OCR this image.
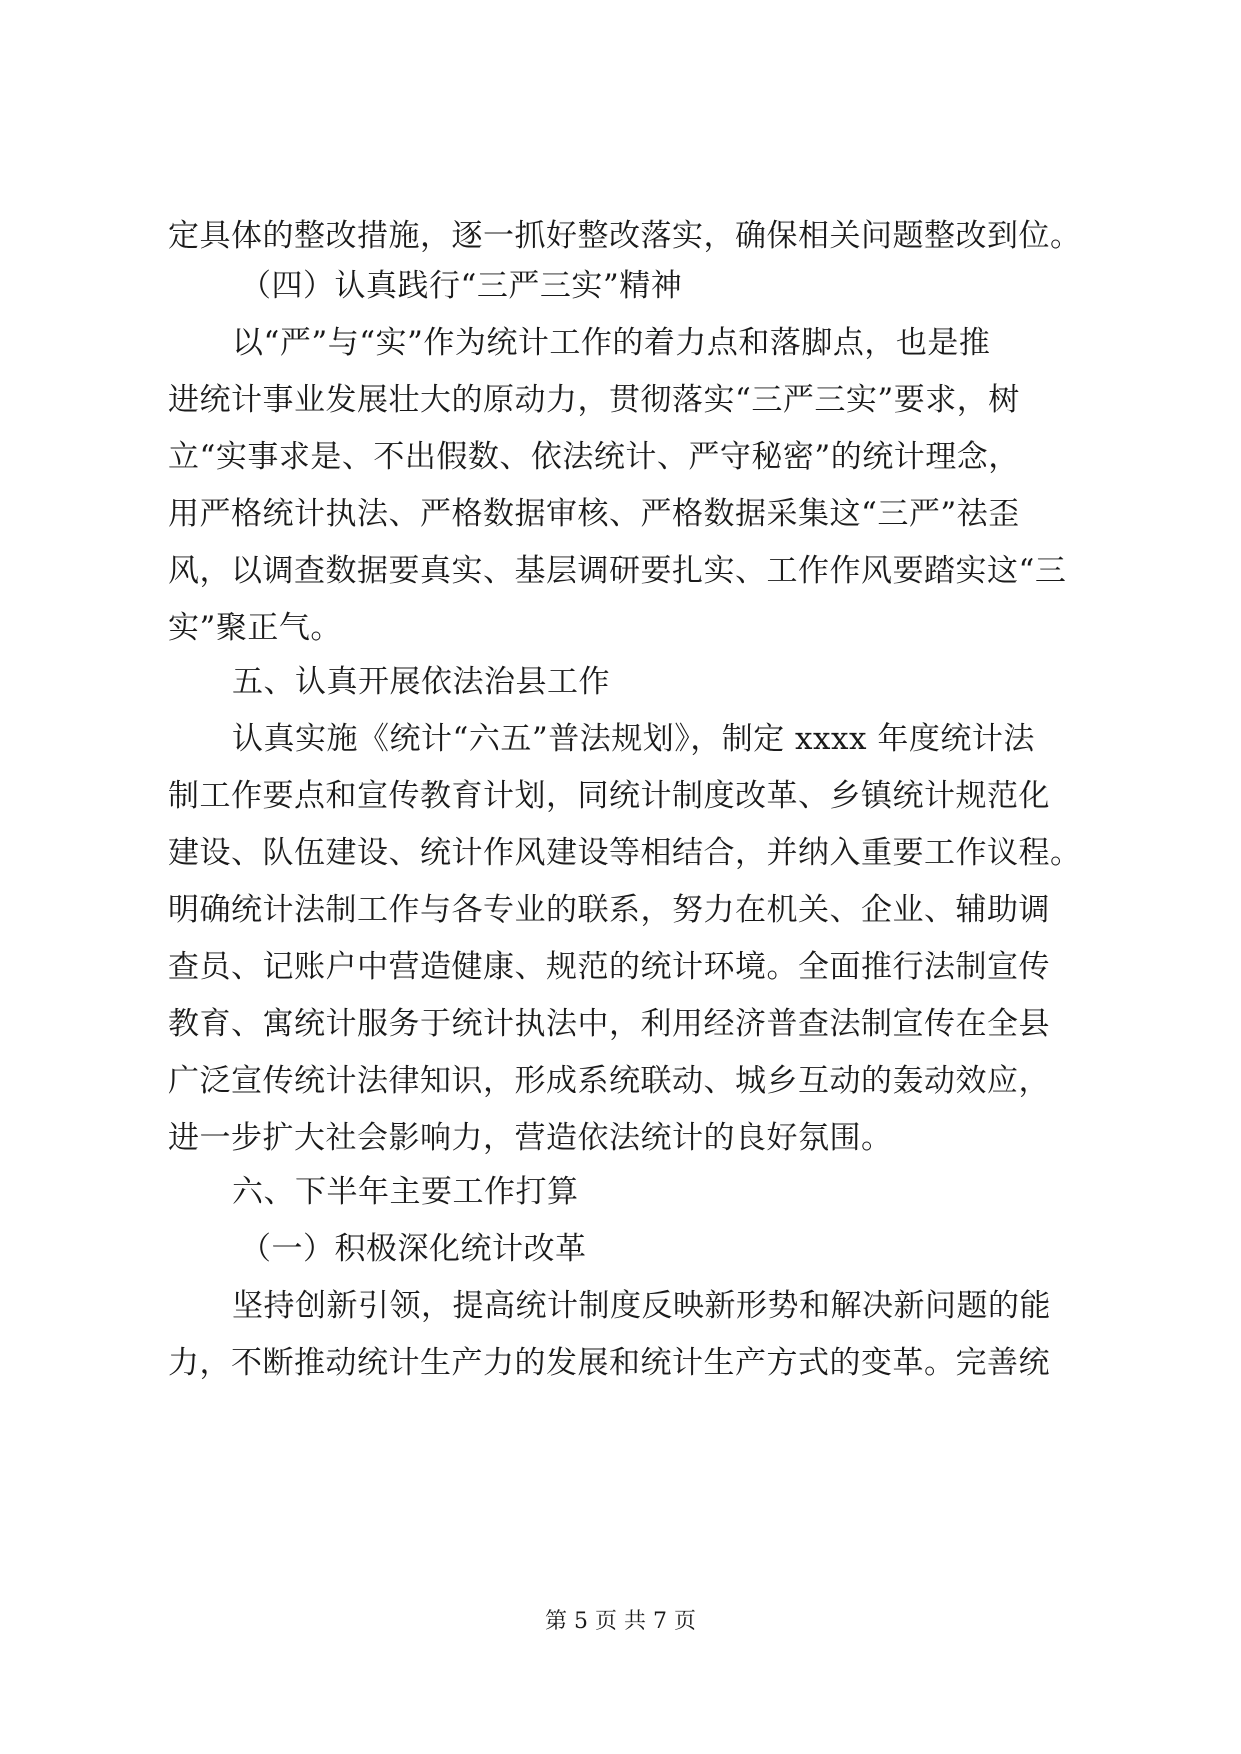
定具体的整改措施，逐一抓好整改落实，确保相关问题整改到位。
（四）认真践行“三严三实”精神
以“严”与“实”作为统计工作的着力点和落脚点，也是推
进统计事业发展壮大的原动力，贯彻落实“三严三实”要求，树
立“实事求是、不出假数、依法统计、严守秘密”的统计理念，
用严格统计执法、严格数据审核、严格数据采集这“三严”祛歪
风，以调查数据要真实、基层调研要扎实、工作作风要踏实这“三
实”聚正气。
五、认真开展依法治县工作
认真实施《统计“六五”普法规划》，制定 xxxx 年度统计法
制工作要点和宣传教育计划，同统计制度改革、乡镇统计规范化
建设、队伍建设、统计作风建设等相结合，并纳入重要工作议程。
明确统计法制工作与各专业的联系，努力在机关、企业、辅助调
查员、记账户中营造健康、规范的统计环境。全面推行法制宣传
教育、寓统计服务于统计执法中，利用经济普查法制宣传在全县
广泛宣传统计法律知识，形成系统联动、城乡互动的轰动效应，
进一步扩大社会影响力，营造依法统计的良好氛围。
六、下半年主要工作打算
（一）积极深化统计改革
坚持创新引领，提高统计制度反映新形势和解决新问题的能
力，不断推动统计生产力的发展和统计生产方式的变革。完善统
第 5 页 共 7 页
